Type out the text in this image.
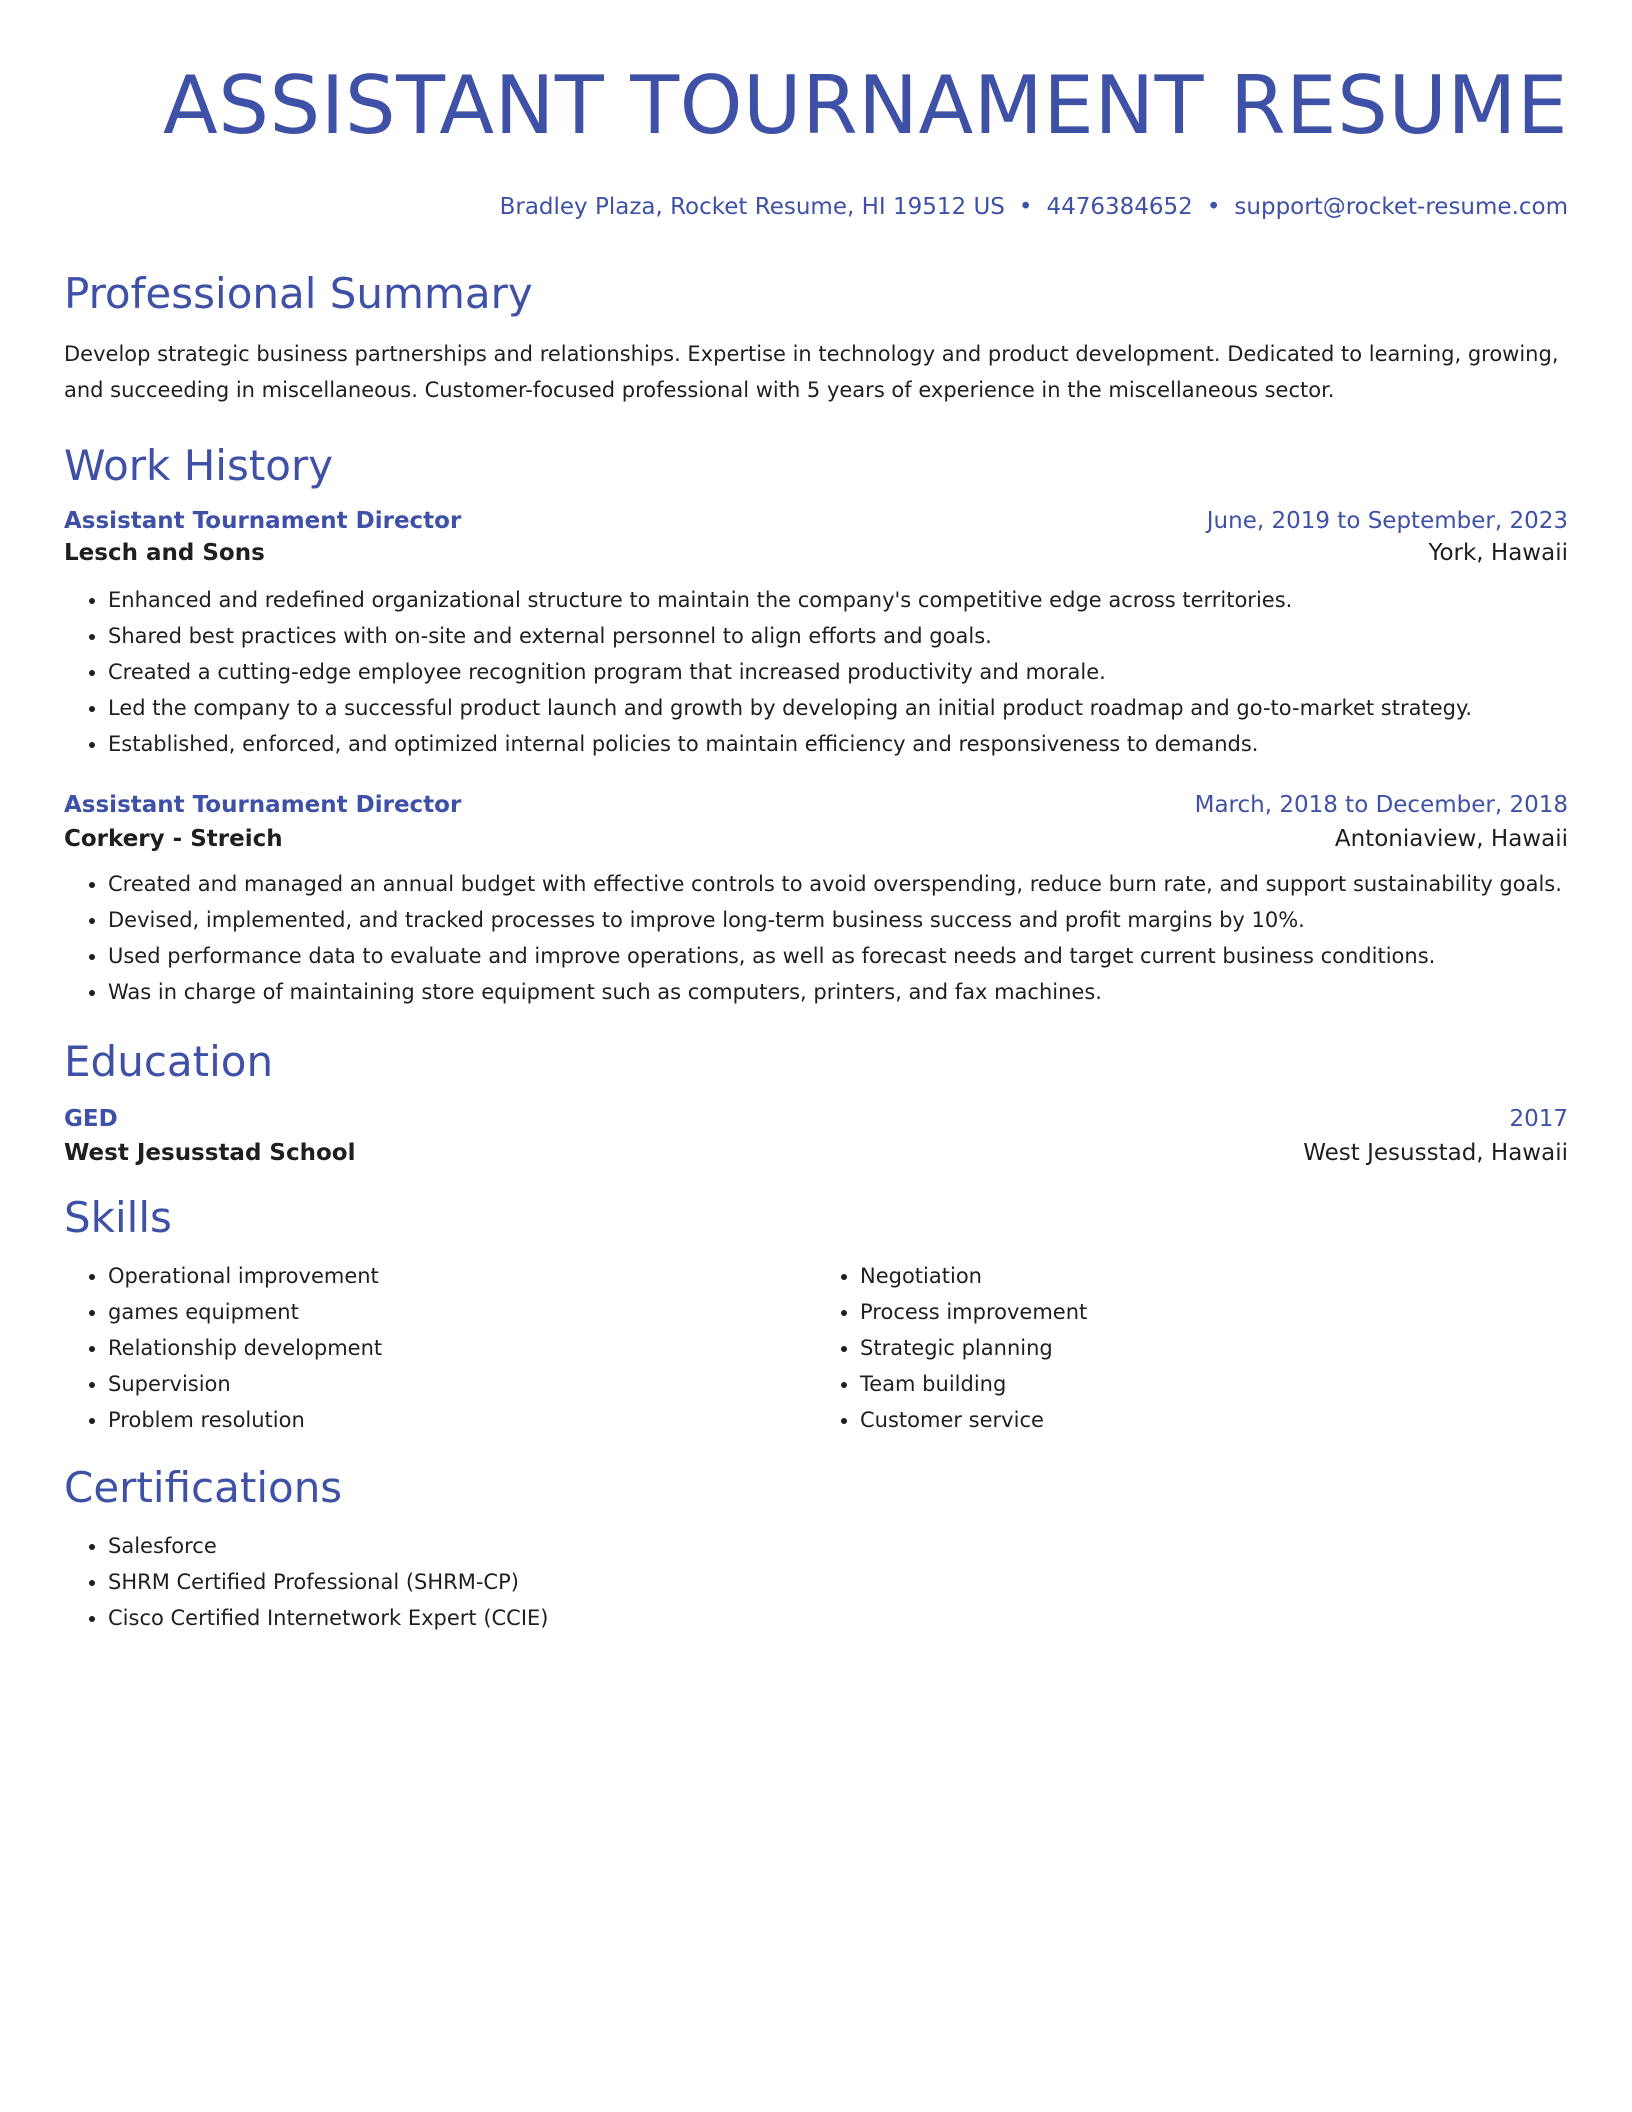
ASSISTANT TOURNAMENT RESUME
Bradley Plaza, Rocket Resume, HI 19512 US • 4476384652 • support@rocket-resume.com
Professional Summary
Develop strategic business partnerships and relationships. Expertise in technology and product development. Dedicated to learning, growing, and succeeding in miscellaneous. Customer-focused professional with 5 years of experience in the miscellaneous sector.
Work History
Assistant Tournament Director	June, 2019 to September, 2023
Lesch and Sons	York, Hawaii
• Enhanced and redefined organizational structure to maintain the company's competitive edge across territories.
• Shared best practices with on-site and external personnel to align efforts and goals.
• Created a cutting-edge employee recognition program that increased productivity and morale.
• Led the company to a successful product launch and growth by developing an initial product roadmap and go-to-market strategy.
• Established, enforced, and optimized internal policies to maintain efficiency and responsiveness to demands.
Assistant Tournament Director	March, 2018 to December, 2018
Corkery - Streich	Antoniaview, Hawaii
• Created and managed an annual budget with effective controls to avoid overspending, reduce burn rate, and support sustainability goals.
• Devised, implemented, and tracked processes to improve long-term business success and profit margins by 10%.
• Used performance data to evaluate and improve operations, as well as forecast needs and target current business conditions.
• Was in charge of maintaining store equipment such as computers, printers, and fax machines.
Education
GED	2017
West Jesusstad School	West Jesusstad, Hawaii
Skills
• Operational improvement
• games equipment
• Relationship development
• Supervision
• Problem resolution
• Negotiation
• Process improvement
• Strategic planning
• Team building
• Customer service
Certifications
• Salesforce
• SHRM Certified Professional (SHRM-CP)
• Cisco Certified Internetwork Expert (CCIE)
